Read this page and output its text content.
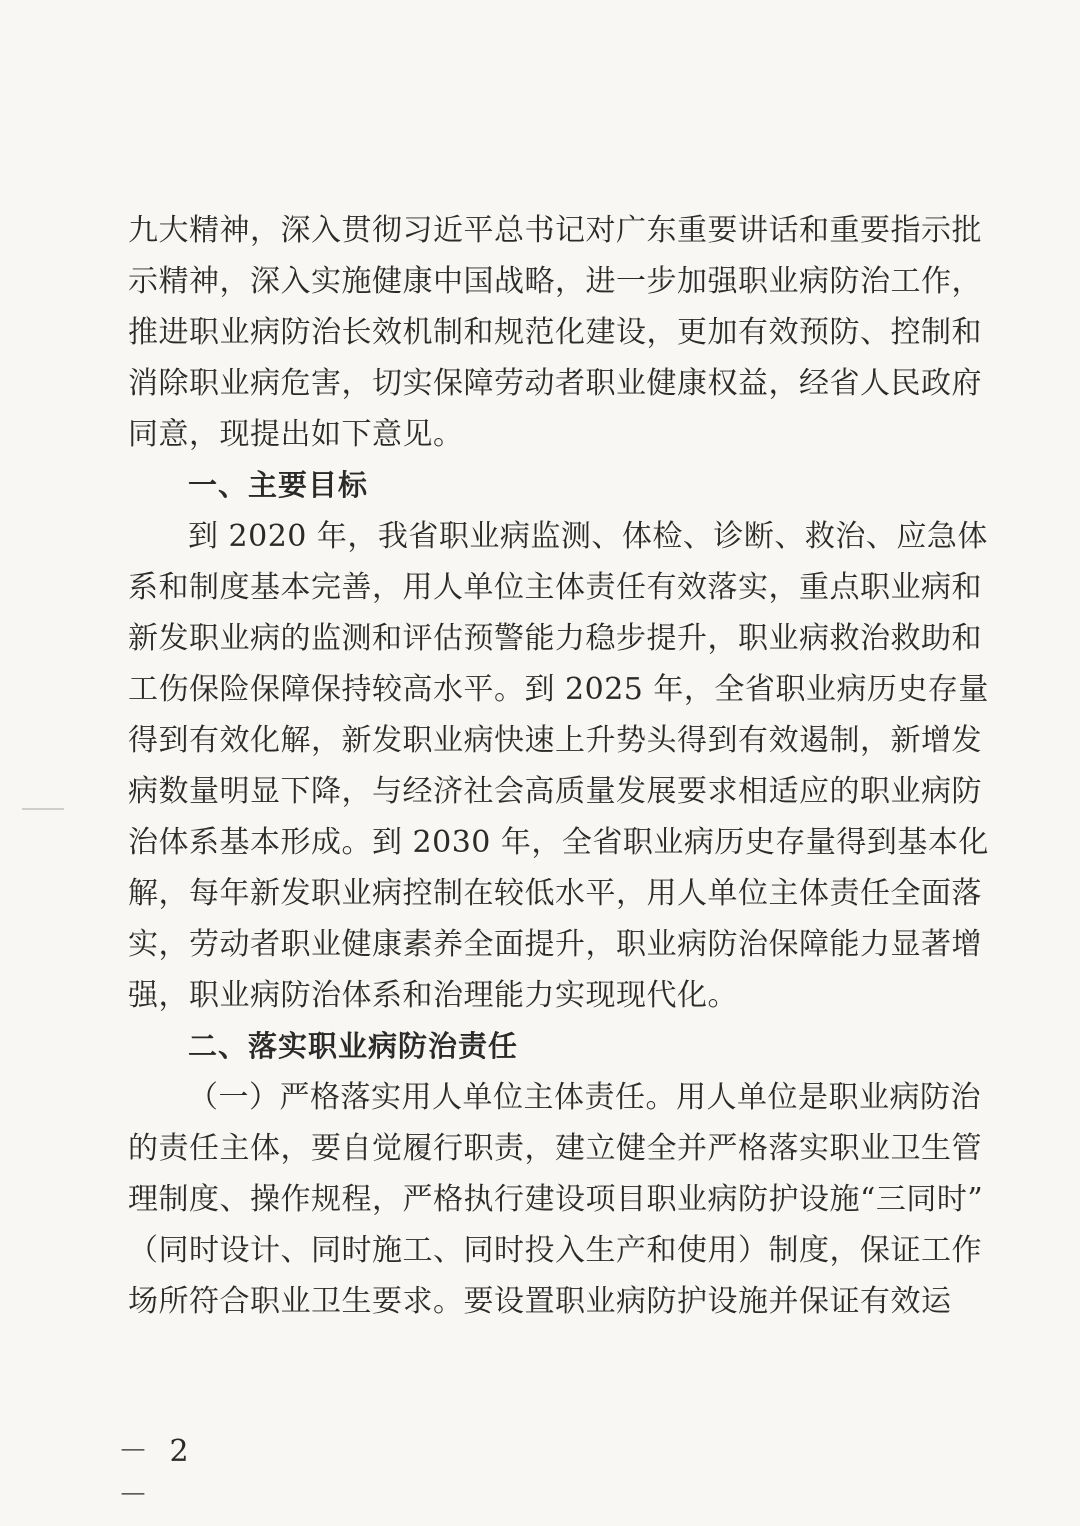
九大精神，深入贯彻习近平总书记对广东重要讲话和重要指示批
示精神，深入实施健康中国战略，进一步加强职业病防治工作，
推进职业病防治长效机制和规范化建设，更加有效预防、控制和
消除职业病危害，切实保障劳动者职业健康权益，经省人民政府
同意，现提出如下意见。
一、主要目标
到 2020 年，我省职业病监测、体检、诊断、救治、应急体
系和制度基本完善，用人单位主体责任有效落实，重点职业病和
新发职业病的监测和评估预警能力稳步提升，职业病救治救助和
工伤保险保障保持较高水平。到 2025 年，全省职业病历史存量
得到有效化解，新发职业病快速上升势头得到有效遏制，新增发
病数量明显下降，与经济社会高质量发展要求相适应的职业病防
治体系基本形成。到 2030 年，全省职业病历史存量得到基本化
解，每年新发职业病控制在较低水平，用人单位主体责任全面落
实，劳动者职业健康素养全面提升，职业病防治保障能力显著增
强，职业病防治体系和治理能力实现现代化。
二、落实职业病防治责任
（一）严格落实用人单位主体责任。用人单位是职业病防治
的责任主体，要自觉履行职责，建立健全并严格落实职业卫生管
理制度、操作规程，严格执行建设项目职业病防护设施“三同时”
（同时设计、同时施工、同时投入生产和使用）制度，保证工作
场所符合职业卫生要求。要设置职业病防护设施并保证有效运
－ 2 －
